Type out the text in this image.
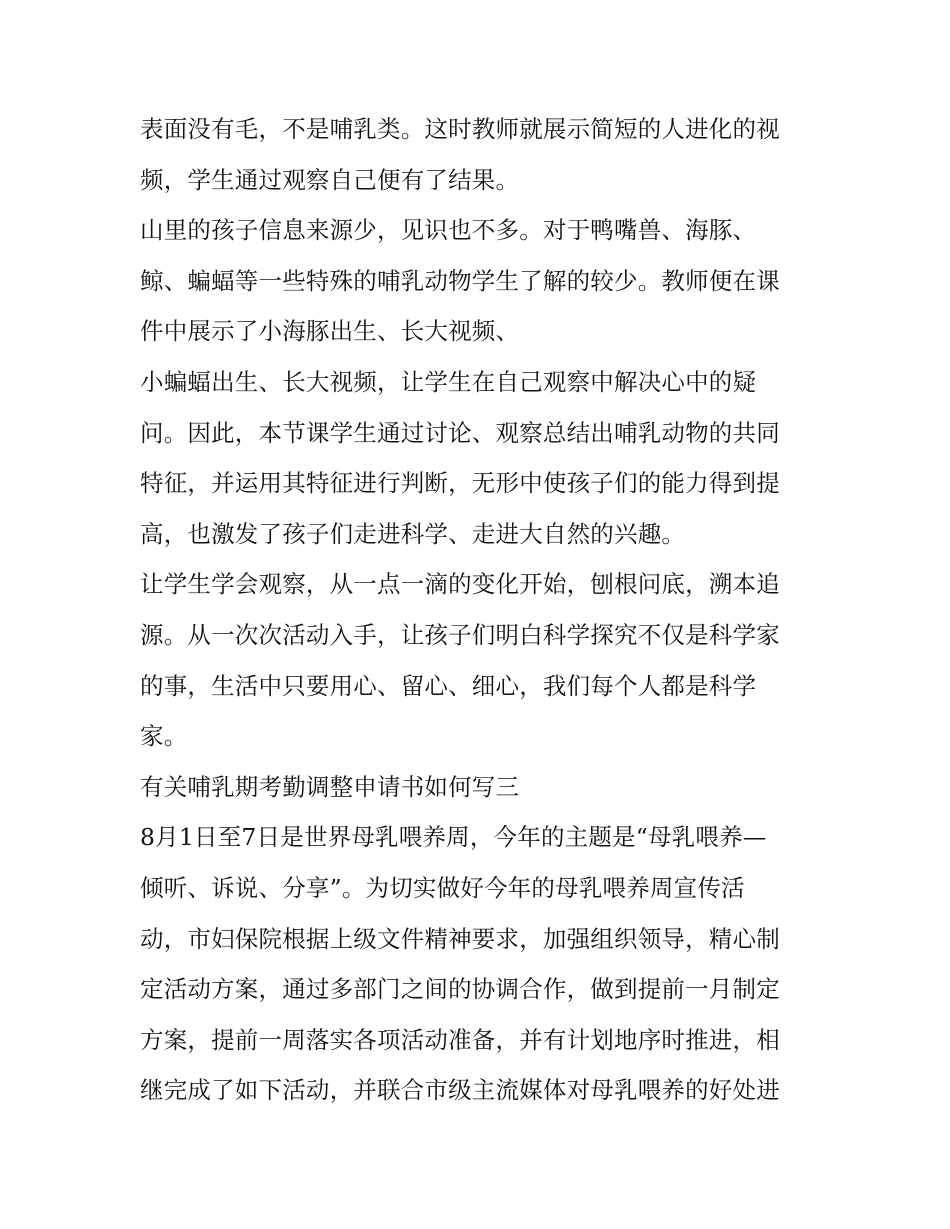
表面没有毛，不是哺乳类。这时教师就展示简短的人进化的视
频，学生通过观察自己便有了结果。
山里的孩子信息来源少，见识也不多。对于鸭嘴兽、海豚、
鲸、蝙蝠等一些特殊的哺乳动物学生了解的较少。教师便在课
件中展示了小海豚出生、长大视频、
小蝙蝠出生、长大视频，让学生在自己观察中解决心中的疑
问。因此，本节课学生通过讨论、观察总结出哺乳动物的共同
特征，并运用其特征进行判断，无形中使孩子们的能力得到提
高，也激发了孩子们走进科学、走进大自然的兴趣。
让学生学会观察，从一点一滴的变化开始，刨根问底，溯本追
源。从一次次活动入手，让孩子们明白科学探究不仅是科学家
的事，生活中只要用心、留心、细心，我们每个人都是科学
家。
有关哺乳期考勤调整申请书如何写三
8月1日至7日是世界母乳喂养周，今年的主题是“母乳喂养—
倾听、诉说、分享”。为切实做好今年的母乳喂养周宣传活
动，市妇保院根据上级文件精神要求，加强组织领导，精心制
定活动方案，通过多部门之间的协调合作，做到提前一月制定
方案，提前一周落实各项活动准备，并有计划地序时推进，相
继完成了如下活动，并联合市级主流媒体对母乳喂养的好处进
